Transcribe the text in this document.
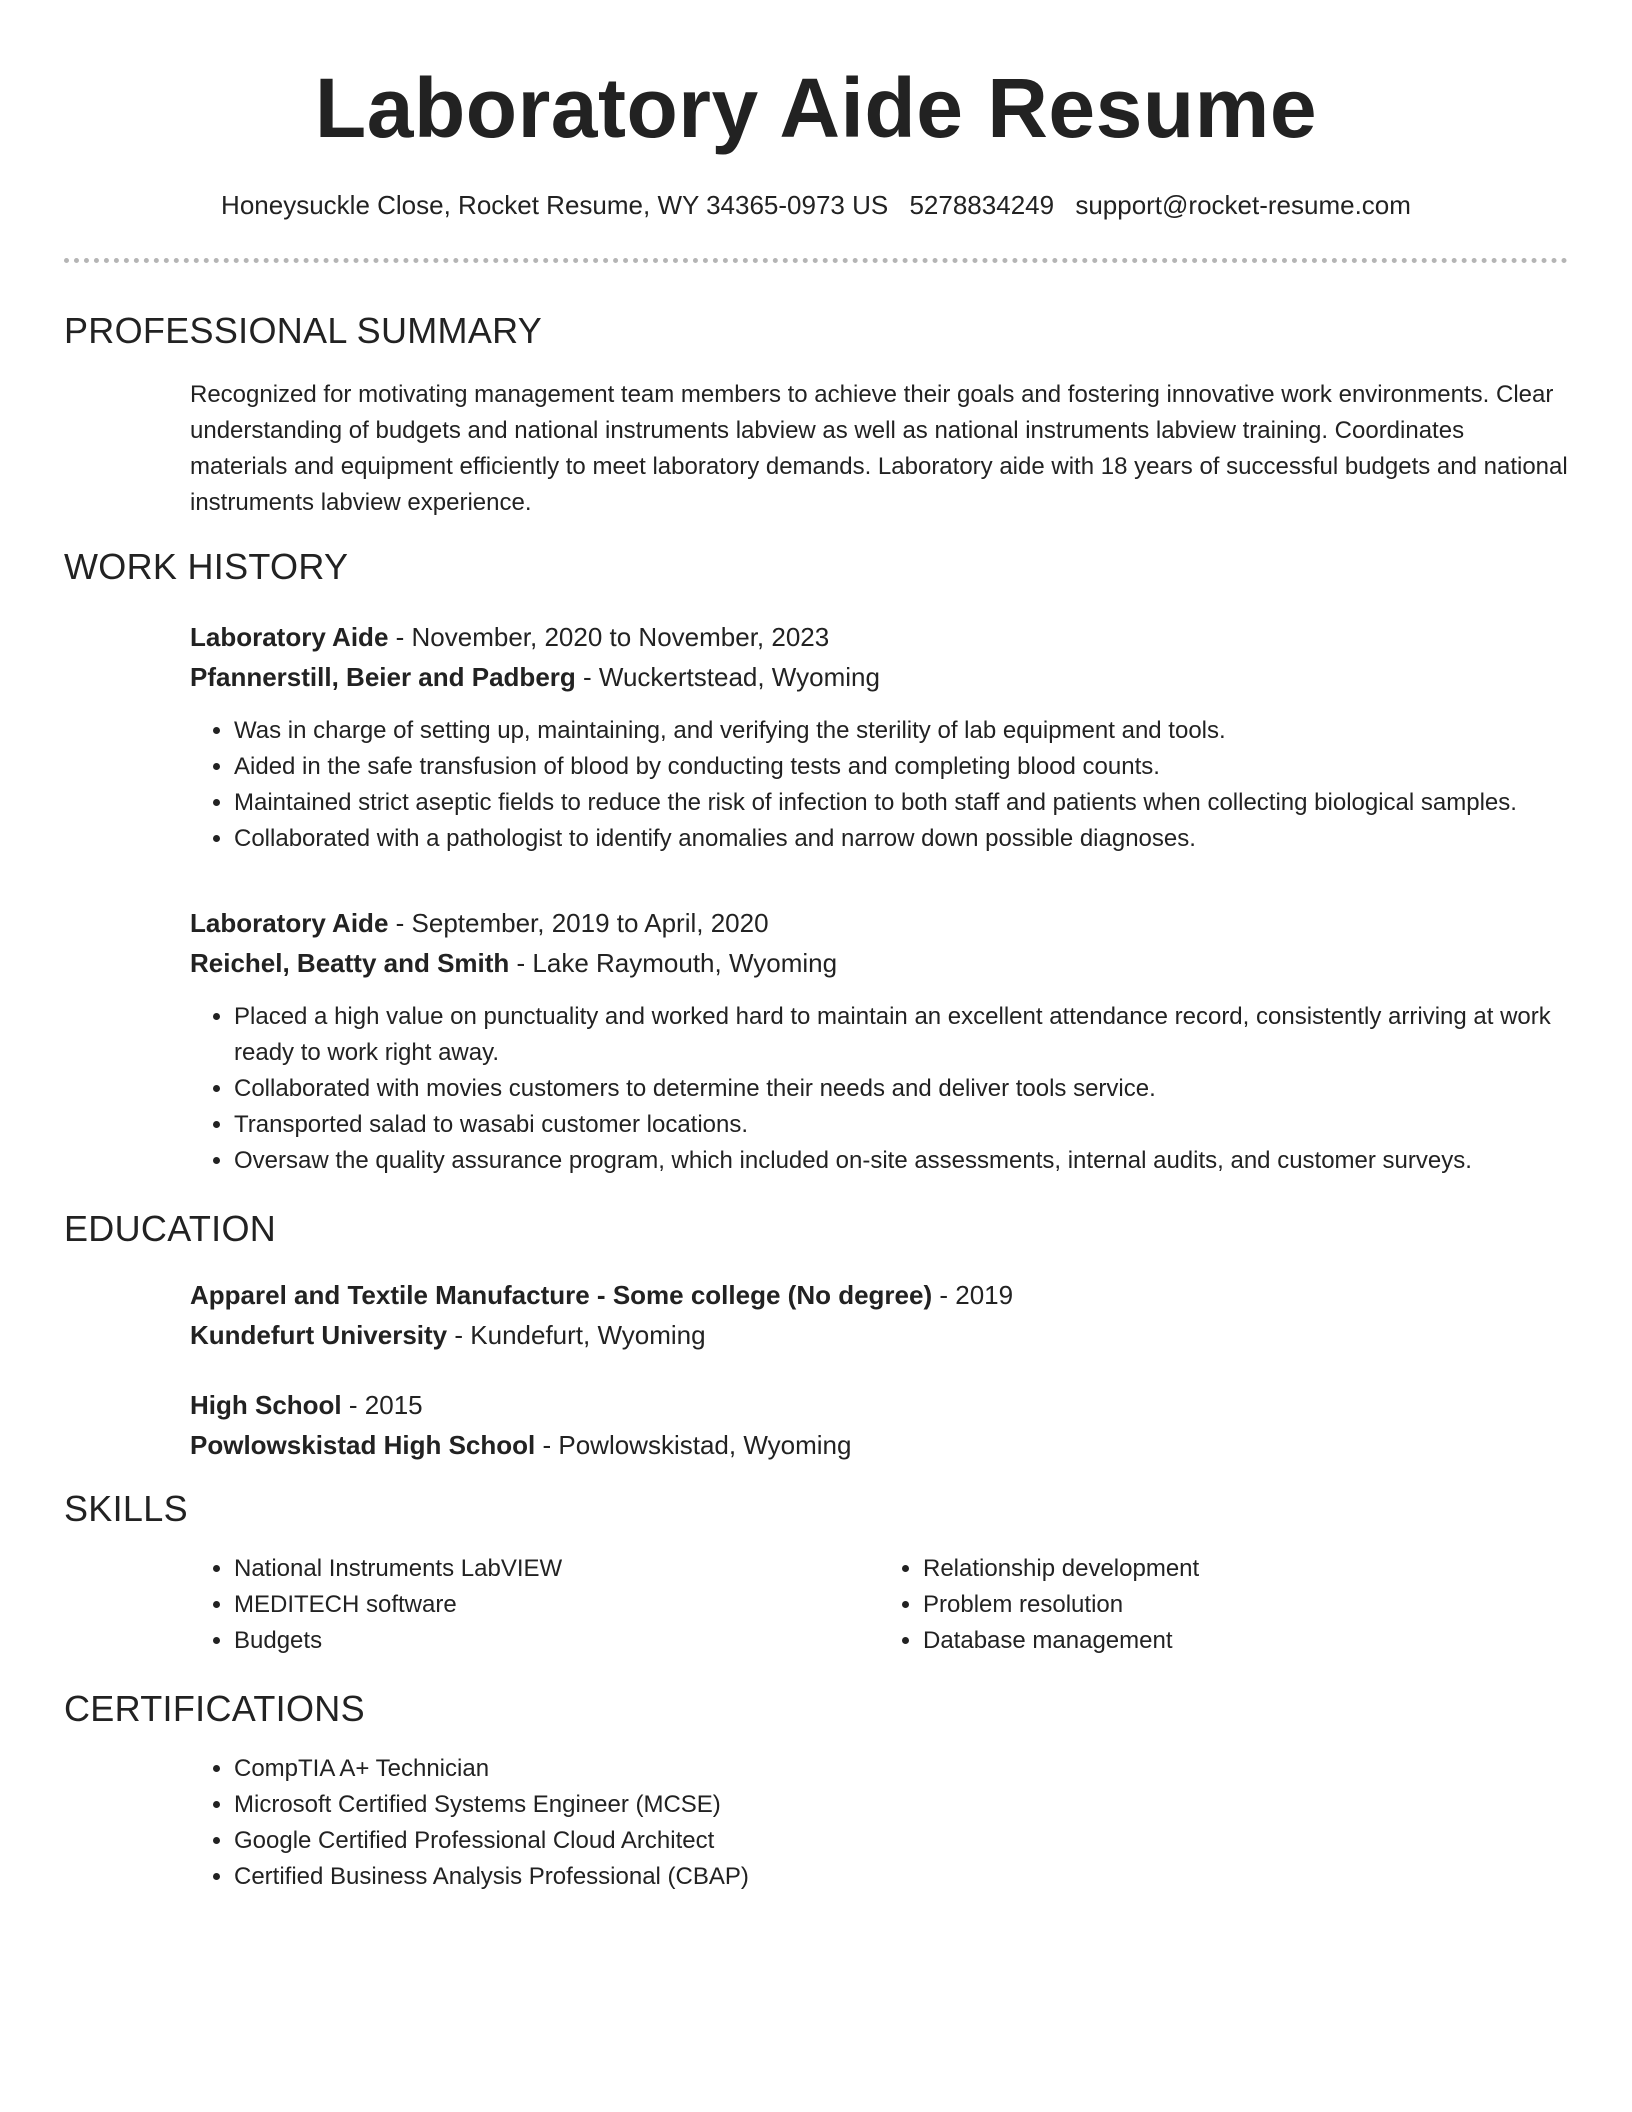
Laboratory Aide Resume
Honeysuckle Close, Rocket Resume, WY 34365-0973 US 5278834249 support@rocket-resume.com
PROFESSIONAL SUMMARY
Recognized for motivating management team members to achieve their goals and fostering innovative work environments. Clear understanding of budgets and national instruments labview as well as national instruments labview training. Coordinates materials and equipment efficiently to meet laboratory demands. Laboratory aide with 18 years of successful budgets and national instruments labview experience.
WORK HISTORY
Laboratory Aide - November, 2020 to November, 2023
Pfannerstill, Beier and Padberg - Wuckertstead, Wyoming
• Was in charge of setting up, maintaining, and verifying the sterility of lab equipment and tools.
• Aided in the safe transfusion of blood by conducting tests and completing blood counts.
• Maintained strict aseptic fields to reduce the risk of infection to both staff and patients when collecting biological samples.
• Collaborated with a pathologist to identify anomalies and narrow down possible diagnoses.
Laboratory Aide - September, 2019 to April, 2020
Reichel, Beatty and Smith - Lake Raymouth, Wyoming
• Placed a high value on punctuality and worked hard to maintain an excellent attendance record, consistently arriving at work ready to work right away.
• Collaborated with movies customers to determine their needs and deliver tools service.
• Transported salad to wasabi customer locations.
• Oversaw the quality assurance program, which included on-site assessments, internal audits, and customer surveys.
EDUCATION
Apparel and Textile Manufacture - Some college (No degree) - 2019
Kundefurt University - Kundefurt, Wyoming
High School - 2015
Powlowskistad High School - Powlowskistad, Wyoming
SKILLS
• National Instruments LabVIEW
• MEDITECH software
• Budgets
• Relationship development
• Problem resolution
• Database management
CERTIFICATIONS
• CompTIA A+ Technician
• Microsoft Certified Systems Engineer (MCSE)
• Google Certified Professional Cloud Architect
• Certified Business Analysis Professional (CBAP)
